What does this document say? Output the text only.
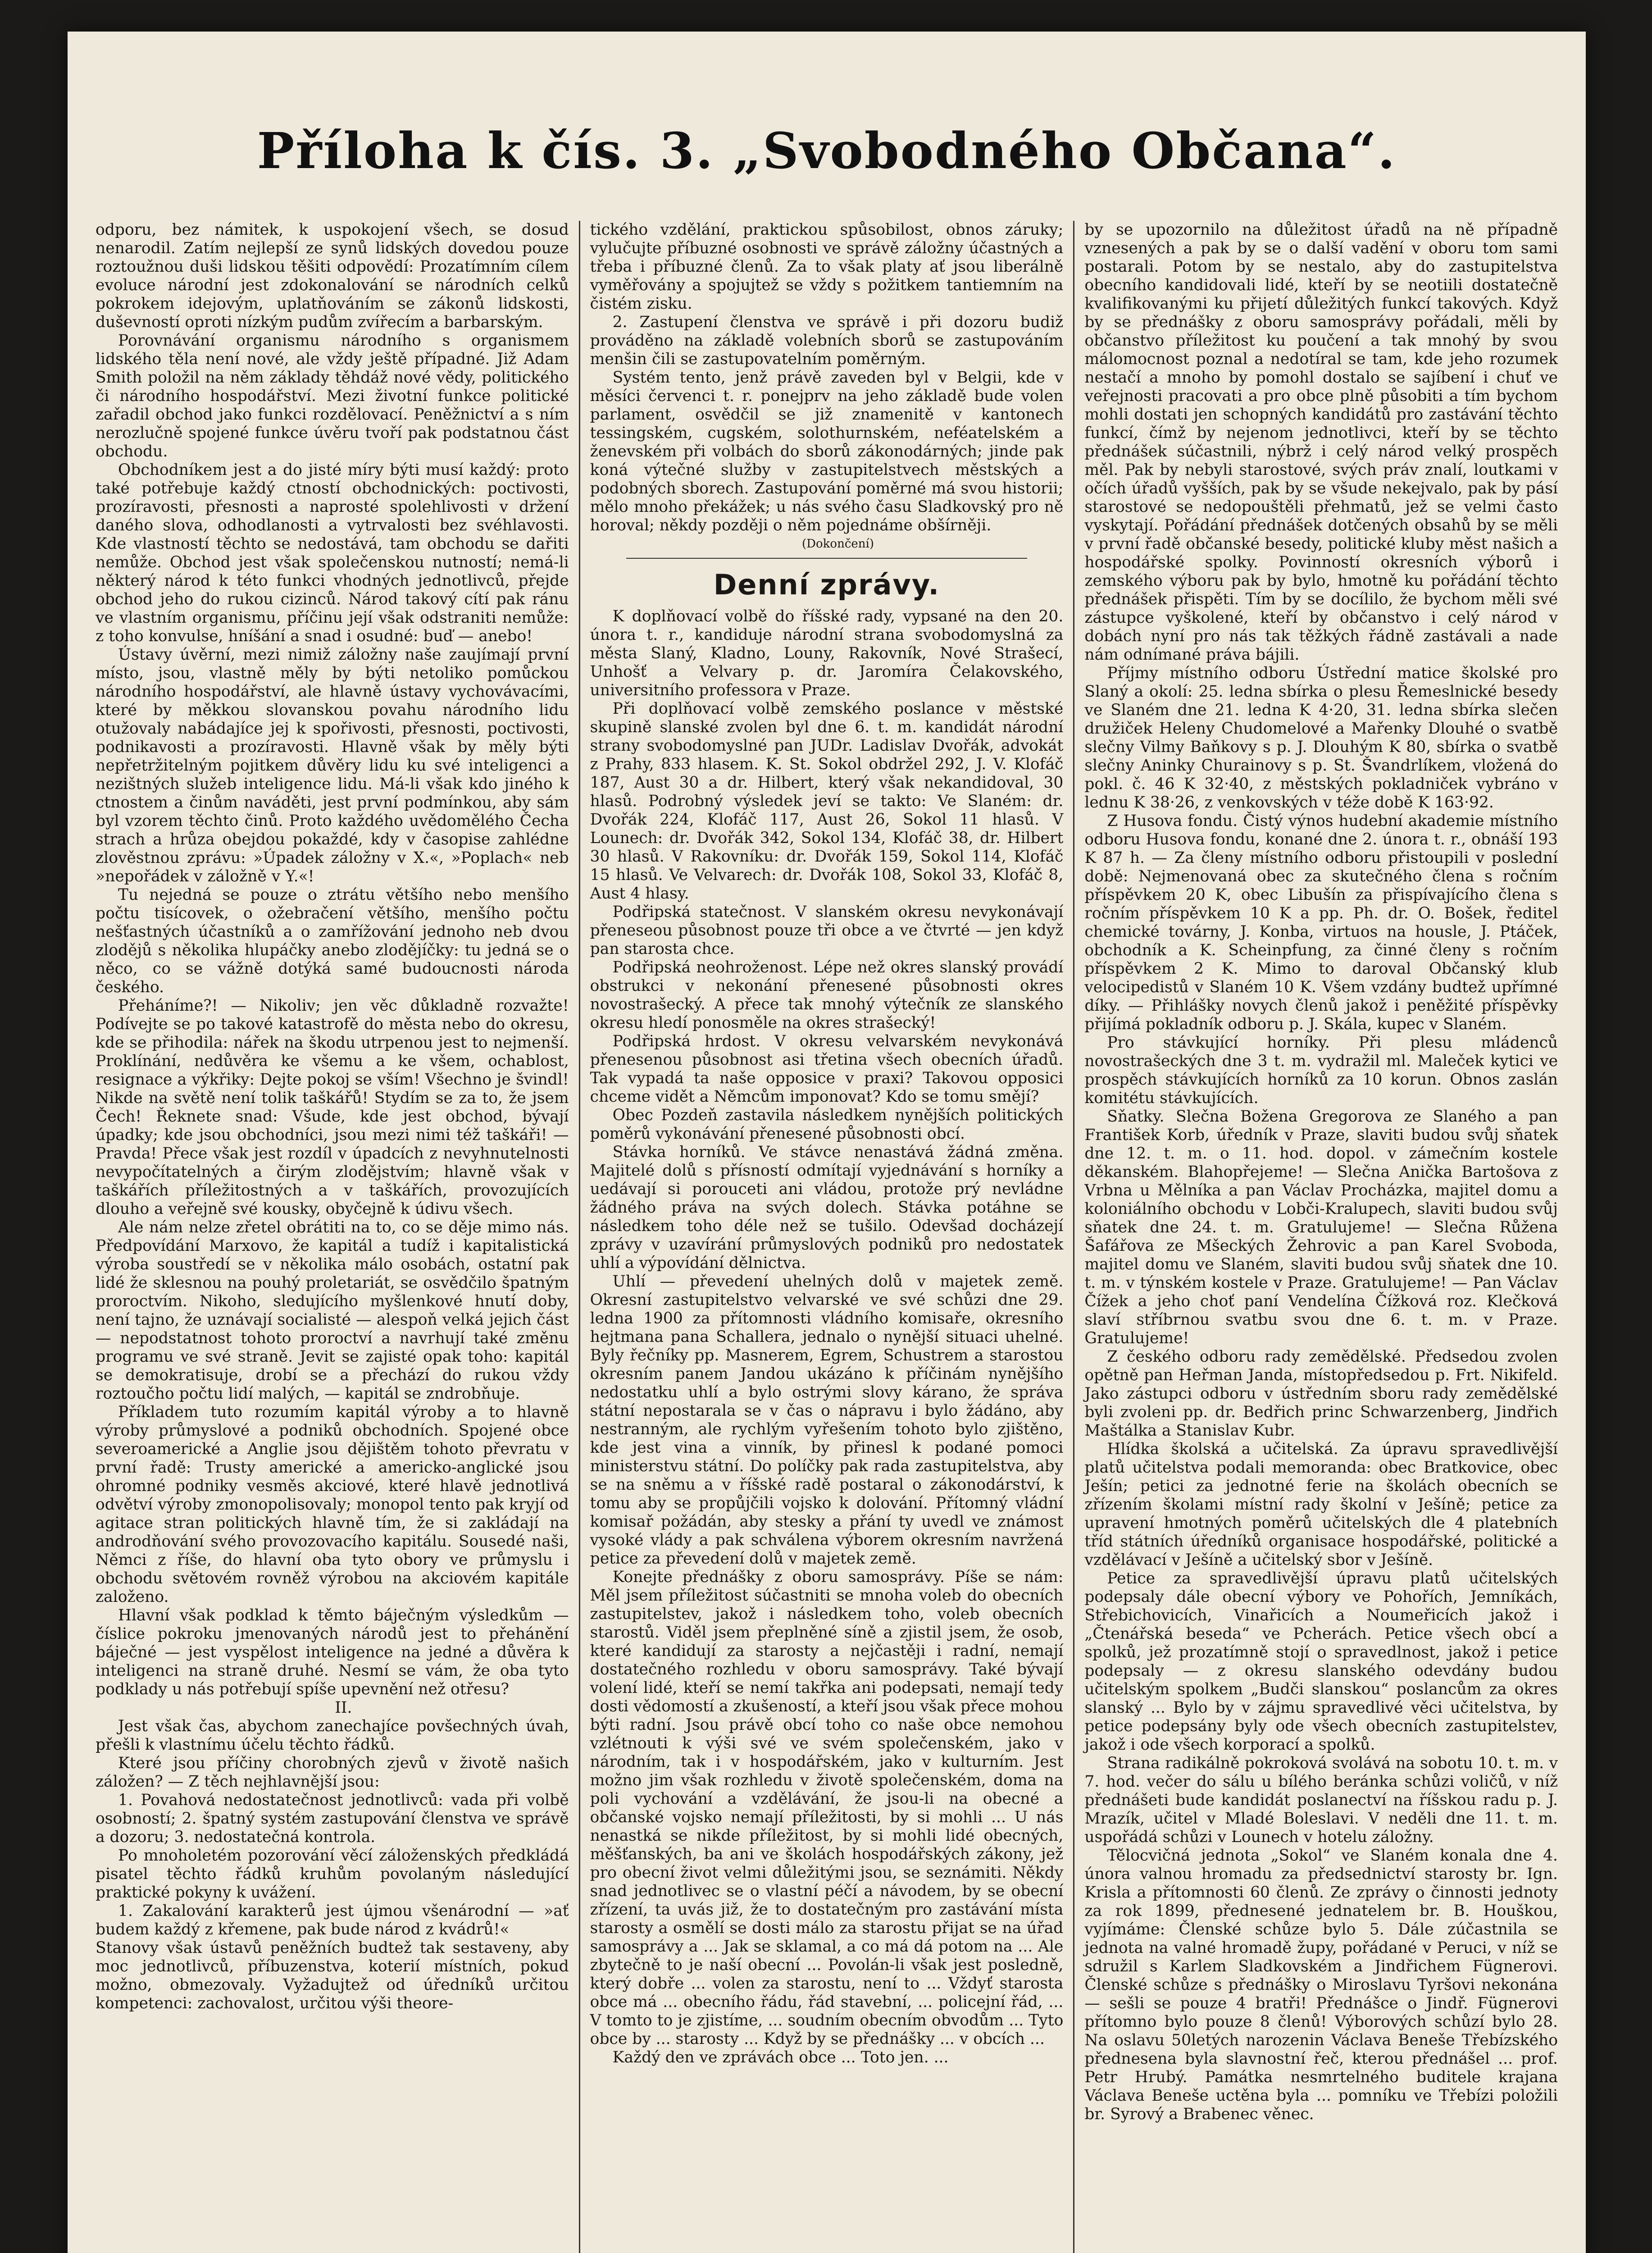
Příloha k čís. 3. „Svobodného Občana“.

odporu, bez námitek, k uspokojení všech, se dosud nenarodil. Zatím nejlepší ze synů lidských dovedou pouze roztoužnou duši lidskou těšiti odpovědí: Prozatímním cílem evoluce národní jest zdokonalování se národních celků pokrokem idejovým, uplatňováním se zákonů lidskosti, duševností oproti nízkým pudům zvířecím a barbarským.

Porovnávání organismu národního s organismem lidského těla není nové, ale vždy ještě případné. Již Adam Smith položil na něm základy těhdáž nové vědy, politického či národního hospodářství. Mezi životní funkce politické zařadil obchod jako funkci rozdělovací. Peněžnictví a s ním nerozlučně spojené funkce úvěru tvoří pak podstatnou část obchodu.

Obchodníkem jest a do jisté míry býti musí každý: proto také potřebuje každý ctností obchodnických: poctivosti, prozíravosti, přesnosti a naprosté spolehlivosti v držení daného slova, odhodlanosti a vytrvalosti bez svéhlavosti. Kde vlastností těchto se nedostává, tam obchodu se dařiti nemůže. Obchod jest však společenskou nutností; nemá-li některý národ k této funkci vhodných jednotlivců, přejde obchod jeho do rukou cizinců. Národ takový cítí pak ránu ve vlastním organismu, příčinu její však odstraniti nemůže: z toho konvulse, hníšání a snad i osudné: buď — anebo!

Ústavy úvěrní, mezi nimiž záložny naše zaujímají první místo, jsou, vlastně měly by býti netoliko pomůckou národního hospodářství, ale hlavně ústavy vychovávacími, které by měkkou slovanskou povahu národního lidu otužovaly nabádajíce jej k spořivosti, přesnosti, poctivosti, podnikavosti a prozíravosti. Hlavně však by měly býti nepřetržitelným pojitkem důvěry lidu ku své inteligenci a nezištných služeb inteligence lidu. Má-li však kdo jiného k ctnostem a činům naváděti, jest první podmínkou, aby sám byl vzorem těchto činů. Proto každého uvědomělého Čecha strach a hrůza obejdou pokaždé, kdy v časopise zahlédne zlověstnou zprávu: »Úpadek záložny v X.«, »Poplach« neb »nepořádek v záložně v Y.«!

Tu nejedná se pouze o ztrátu většího nebo menšího počtu tisícovek, o ožebračení většího, menšího počtu nešťastných účastníků a o zamřížování jednoho neb dvou zlodějů s několika hlupáčky anebo zlodějíčky: tu jedná se o něco, co se vážně dotýká samé budoucnosti národa českého.

Přeháníme?! — Nikoliv; jen věc důkladně rozvažte! Podívejte se po takové katastrofě do města nebo do okresu, kde se přihodila: nářek na škodu utrpenou jest to nejmenší. Proklínání, nedůvěra ke všemu a ke všem, ochablost, resignace a výkřiky: Dejte pokoj se vším! Všechno je švindl! Nikde na světě není tolik taškářů! Stydím se za to, že jsem Čech! Řeknete snad: Všude, kde jest obchod, bývají úpadky; kde jsou obchodníci, jsou mezi nimi též taškáři! — Pravda! Přece však jest rozdíl v úpadcích z nevyhnutelnosti nevypočítatelných a čirým zlodějstvím; hlavně však v taškářích příležitostných a v taškářích, provozujících dlouho a veřejně své kousky, obyčejně k údivu všech.

Ale nám nelze zřetel obrátiti na to, co se děje mimo nás. Předpovídání Marxovo, že kapitál a tudíž i kapitalistická výroba soustředí se v několika málo osobách, ostatní pak lidé že sklesnou na pouhý proletariát, se osvědčilo špatným proroctvím. Nikoho, sledujícího myšlenkové hnutí doby, není tajno, že uznávají socialisté — alespoň velká jejich část — nepodstatnost tohoto proroctví a navrhují také změnu programu ve své straně. Jevit se zajisté opak toho: kapitál se demokratisuje, drobí se a přechází do rukou vždy roztoučho počtu lidí malých, — kapitál se zndrobňuje.

Příkladem tuto rozumím kapitál výroby a to hlavně výroby průmyslové a podniků obchodních. Spojené obce severoamerické a Anglie jsou dějištěm tohoto převratu v první řadě: Trusty americké a americko-anglické jsou ohromné podniky vesměs akciové, které hlavě jednotlivá odvětví výroby zmonopolisovaly; monopol tento pak kryjí od agitace stran politických hlavně tím, že si zakládají na androdňování svého provozovacího kapitálu. Sousedé naši, Němci z říše, do hlavní oba tyto obory ve průmyslu i obchodu světovém rovněž výrobou na akciovém kapitále založeno.

Hlavní však podklad k těmto báječným výsledkům — číslice pokroku jmenovaných národů jest to přehánění báječné — jest vyspělost inteligence na jedné a důvěra k inteligenci na straně druhé. Nesmí se vám, že oba tyto podklady u nás potřebují spíše upevnění než otřesu?

II.

Jest však čas, abychom zanechajíce povšechných úvah, přešli k vlastnímu účelu těchto řádků.

Které jsou příčiny chorobných zjevů v životě našich záložen? — Z těch nejhlavnější jsou:

1. Povahová nedostatečnost jednotlivců: vada při volbě osobností; 2. špatný systém zastupování členstva ve správě a dozoru; 3. nedostatečná kontrola.

Po mnoholetém pozorování věcí záloženských předkládá pisatel těchto řádků kruhům povolaným následující praktické pokyny k uvážení.

1. Zakalování karakterů jest újmou všenárodní — »ať budem každý z křemene, pak bude národ z kvádrů!«

Stanovy však ústavů peněžních budtež tak sestaveny, aby moc jednotlivců, příbuzenstva, koterií místních, pokud možno, obmezovaly. Vyžadujtež od úředníků určitou kompetenci: zachovalost, určitou výši theore-

tického vzdělání, praktickou spůsobilost, obnos záruky; vylučujte příbuzné osobnosti ve správě záložny účastných a třeba i příbuzné členů. Za to však platy ať jsou liberálně vyměřovány a spojujtež se vždy s požitkem tantiemním na čistém zisku.

2. Zastupení členstva ve správě i při dozoru budiž prováděno na základě volebních sborů se zastupováním menšin čili se zastupovatelním poměrným.

Systém tento, jenž právě zaveden byl v Belgii, kde v měsíci červenci t. r. ponejprv na jeho základě bude volen parlament, osvědčil se již znamenitě v kantonech tessingském, cugském, solothurnském, neféatelském a ženevském při volbách do sborů zákonodárných; jinde pak koná výtečné služby v zastupitelstvech městských a podobných sborech. Zastupování poměrné má svou historii; mělo mnoho překážek; u nás svého času Sladkovský pro ně horoval; někdy později o něm pojednáme obšírněji.

(Dokončení)

Denní zprávy.

K doplňovací volbě do říšské rady, vypsané na den 20. února t. r., kandiduje národní strana svobodomyslná za města Slaný, Kladno, Louny, Rakovník, Nové Strašecí, Unhošť a Velvary p. dr. Jaromíra Čelakovského, universitního professora v Praze.

Při doplňovací volbě zemského poslance v městské skupině slanské zvolen byl dne 6. t. m. kandidát národní strany svobodomyslné pan JUDr. Ladislav Dvořák, advokát z Prahy, 833 hlasem. K. St. Sokol obdržel 292, J. V. Klofáč 187, Aust 30 a dr. Hilbert, který však nekandidoval, 30 hlasů. Podrobný výsledek jeví se takto: Ve Slaném: dr. Dvořák 224, Klofáč 117, Aust 26, Sokol 11 hlasů. V Lounech: dr. Dvořák 342, Sokol 134, Klofáč 38, dr. Hilbert 30 hlasů. V Rakovníku: dr. Dvořák 159, Sokol 114, Klofáč 15 hlasů. Ve Velvarech: dr. Dvořák 108, Sokol 33, Klofáč 8, Aust 4 hlasy.

Podřipská statečnost. V slanském okresu nevykonávají přeneseou působnost pouze tři obce a ve čtvrté — jen když pan starosta chce.

Podřipská neohroženost. Lépe než okres slanský provádí obstrukci v nekonání přenesené působnosti okres novostrašecký. A přece tak mnohý výtečník ze slanského okresu hledí ponosměle na okres strašecký!

Podřipská hrdost. V okresu velvarském nevykonává přenesenou působnost asi třetina všech obecních úřadů. Tak vypadá ta naše opposice v praxi? Takovou opposici chceme vidět a Němcům imponovat? Kdo se tomu smějí?

Obec Pozdeň zastavila následkem nynějších politických poměrů vykonávání přenesené působnosti obcí.

Stávka horníků. Ve stávce nenastává žádná změna. Majitelé dolů s přísností odmítají vyjednávání s horníky a uedávají si porouceti ani vládou, protože prý nevládne žádného práva na svých dolech. Stávka potáhne se následkem toho déle než se tušilo. Odevšad docházejí zprávy v uzavírání průmyslových podniků pro nedostatek uhlí a výpovídání dělnictva.

Uhlí — převedení uhelných dolů v majetek země. Okresní zastupitelstvo velvarské ve své schůzi dne 29. ledna 1900 za přítomnosti vládního komisaře, okresního hejtmana pana Schallera, jednalo o nynější situaci uhelné. Byly řečníky pp. Masnerem, Egrem, Schustrem a starostou okresním panem Jandou ukázáno k příčinám nynějšího nedostatku uhlí a bylo ostrými slovy kárano, že správa státní nepostarala se v čas o nápravu i bylo žádáno, aby nestranným, ale rychlým vyřešením tohoto bylo zjištěno, kde jest vina a vinník, by přinesl k podané pomoci ministerstvu státní. Do políčky pak rada zastupitelstva, aby se na sněmu a v říšské radě postaral o zákonodárství, k tomu aby se propůjčili vojsko k dolování. Přítomný vládní komisař požádán, aby stesky a přání ty uvedl ve známost vysoké vlády a pak schválena výborem okresním navržená petice za převedení dolů v majetek země.

Konejte přednášky z oboru samosprávy. Píše se nám: Měl jsem příležitost súčastniti se mnoha voleb do obecních zastupitelstev, jakož i následkem toho, voleb obecních starostů. Viděl jsem přeplněné síně a zjistil jsem, že osob, které kandidují za starosty a nejčastěji i radní, nemají dostatečného rozhledu v oboru samosprávy. Také bývají volení lidé, kteří se nemí takřka ani podepsati, nemají tedy dosti vědomostí a zkušeností, a kteří jsou však přece mohou býti radní. Jsou právě obcí toho co naše obce nemohou vzlétnouti k výši své ve svém společenském, jako v národním, tak i v hospodářském, jako v kulturním. Jest možno jim však rozhledu v životě společenském, doma na poli vychování a vzdělávání, že jsou-li na obecné a občanské vojsko nemají příležitosti, by si mohli ... U nás nenastká se nikde příležitost, by si mohli lidé obecných, měšťanských, ba ani ve školách hospodářských zákony, jež pro obecní život velmi důležitými jsou, se seznámiti. Někdy snad jednotlivec se o vlastní péčí a návodem, by se obecní zřízení, ta uvás již, že to dostatečným pro zastávání místa starosty a osmělí se dosti málo za starostu přijat se na úřad samosprávy a ... Jak se sklamal, a co má dá potom na ... Ale zbytečně to je naší obecní ... Povolán-li však jest posledně, který dobře ... volen za starostu, není to ... Vždyť starosta obce má ... obecního řádu, řád stavební, ... policejní řád, ... V tomto to je zjistíme, ... soudním obecním obvodům ... Tyto obce by ... starosty ... Když by se přednášky ... v obcích ...

Každý den ve zprávách obce ... Toto jen. ...

by se upozornilo na důležitost úřadů na ně případně vznesených a pak by se o další vadění v oboru tom sami postarali. Potom by se nestalo, aby do zastupitelstva obecního kandidovali lidé, kteří by se neotiili dostatečně kvalifikovanými ku přijetí důležitých funkcí takových. Když by se přednášky z oboru samosprávy pořádali, měli by občanstvo příležitost ku poučení a tak mnohý by svou málomocnost poznal a nedotíral se tam, kde jeho rozumek nestačí a mnoho by pomohl dostalo se sajíbení i chuť ve veřejnosti pracovati a pro obce plně působiti a tím bychom mohli dostati jen schopných kandidátů pro zastávání těchto funkcí, čímž by nejenom jednotlivci, kteří by se těchto přednášek súčastnili, nýbrž i celý národ velký prospěch měl. Pak by nebyli starostové, svých práv znalí, loutkami v očích úřadů vyšších, pak by se všude nekejvalo, pak by pásí starostové se nedopouštěli přehmatů, jež se velmi často vyskytají. Pořádání přednášek dotčených obsahů by se měli v první řadě občanské besedy, politické kluby měst našich a hospodářské spolky. Povinností okresních výborů i zemského výboru pak by bylo, hmotně ku pořádání těchto přednášek přispěti. Tím by se docílilo, že bychom měli své zástupce vyškolené, kteří by občanstvo i celý národ v dobách nyní pro nás tak těžkých řádně zastávali a nade nám odnímané práva bájili.

Příjmy místního odboru Ústřední matice školské pro Slaný a okolí: 25. ledna sbírka o plesu Řemeslnické besedy ve Slaném dne 21. ledna K 4·20, 31. ledna sbírka slečen družiček Heleny Chudomelové a Mařenky Dlouhé o svatbě slečny Vilmy Baňkovy s p. J. Dlouhým K 80, sbírka o svatbě slečny Aninky Churainovy s p. St. Švandrlíkem, vložená do pokl. č. 46 K 32·40, z městských pokladniček vybráno v lednu K 38·26, z venkovských v téže době K 163·92.

Z Husova fondu. Čistý výnos hudební akademie místního odboru Husova fondu, konané dne 2. února t. r., obnáší 193 K 87 h. — Za členy místního odboru přistoupili v poslední době: Nejmenovaná obec za skutečného člena s ročním příspěvkem 20 K, obec Libušín za přispívajícího člena s ročním příspěvkem 10 K a pp. Ph. dr. O. Bošek, ředitel chemické továrny, J. Konba, virtuos na housle, J. Ptáček, obchodník a K. Scheinpfung, za činné členy s ročním příspěvkem 2 K. Mimo to daroval Občanský klub velocipedistů v Slaném 10 K. Všem vzdány budtež upřímné díky. — Přihlášky novych členů jakož i peněžité příspěvky přijímá pokladník odboru p. J. Skála, kupec v Slaném.

Pro stávkující horníky. Při plesu mládenců novostrašeckých dne 3 t. m. vydražil ml. Maleček kytici ve prospěch stávkujících horníků za 10 korun. Obnos zaslán komitétu stávkujících.

Sňatky. Slečna Božena Gregorova ze Slaného a pan František Korb, úředník v Praze, slaviti budou svůj sňatek dne 12. t. m. o 11. hod. dopol. v zámečním kostele děkanském. Blahopřejeme! — Slečna Anička Bartošova z Vrbna u Mělníka a pan Václav Procházka, majitel domu a koloniálního obchodu v Lobči-Kralupech, slaviti budou svůj sňatek dne 24. t. m. Gratulujeme! — Slečna Růžena Šafářova ze Mšeckých Žehrovic a pan Karel Svoboda, majitel domu ve Slaném, slaviti budou svůj sňatek dne 10. t. m. v týnském kostele v Praze. Gratulujeme! — Pan Václav Čížek a jeho choť paní Vendelína Čížková roz. Klečková slaví stříbrnou svatbu svou dne 6. t. m. v Praze. Gratulujeme!

Z českého odboru rady zemědělské. Předsedou zvolen opětně pan Heřman Janda, místopředsedou p. Frt. Nikifeld. Jako zástupci odboru v ústředním sboru rady zemědělské byli zvoleni pp. dr. Bedřich princ Schwarzenberg, Jindřich Maštálka a Stanislav Kubr.

Hlídka školská a učitelská. Za úpravu spravedlivější platů učitelstva podali memoranda: obec Bratkovice, obec Ješín; petici za jednotné ferie na školách obecních se zřízením školami místní rady školní v Ješíně; petice za upravení hmotných poměrů učitelských dle 4 platebních tříd státních úředníků organisace hospodářské, politické a vzdělávací v Ješíně a učitelský sbor v Ješíně.

Petice za spravedlivější úpravu platů učitelských podepsaly dále obecní výbory ve Pohořích, Jemníkách, Střebichovicích, Vinařicích a Noumeřicích jakož i „Čtenářská beseda“ ve Pcherách. Petice všech obcí a spolků, jež prozatímně stojí o spravedlnost, jakož i petice podepsaly — z okresu slanského odevdány budou učitelským spolkem „Budči slanskou“ poslancům za okres slanský ... Bylo by v zájmu spravedlivé věci učitelstva, by petice podepsány byly ode všech obecních zastupitelstev, jakož i ode všech korporací a spolků.

Strana radikálně pokroková svolává na sobotu 10. t. m. v 7. hod. večer do sálu u bílého beránka schůzi voličů, v níž přednášeti bude kandidát poslanectví na říšskou radu p. J. Mrazík, učitel v Mladé Boleslavi. V neděli dne 11. t. m. uspořádá schůzi v Lounech v hotelu záložny.

Tělocvičná jednota „Sokol“ ve Slaném konala dne 4. února valnou hromadu za předsednictví starosty br. Ign. Krisla a přítomnosti 60 členů. Ze zprávy o činnosti jednoty za rok 1899, přednesené jednatelem br. B. Houškou, vyjímáme: Členské schůze bylo 5. Dále zúčastnila se jednota na valné hromadě župy, pořádané v Peruci, v níž se sdružil s Karlem Sladkovském a Jindřichem Fügnerovi. Členské schůze s přednášky o Miroslavu Tyršovi nekonána — sešli se pouze 4 bratři! Přednášce o Jindř. Fügnerovi přítomno bylo pouze 8 členů! Výborových schůzí bylo 28. Na oslavu 50letých narozenin Václava Beneše Třebízského přednesena byla slavnostní řeč, kterou přednášel ... prof. Petr Hrubý. Památka nesmrtelného buditele krajana Václava Beneše uctěna byla ... pomníku ve Třebízi položili br. Syrový a Brabenec věnec.
